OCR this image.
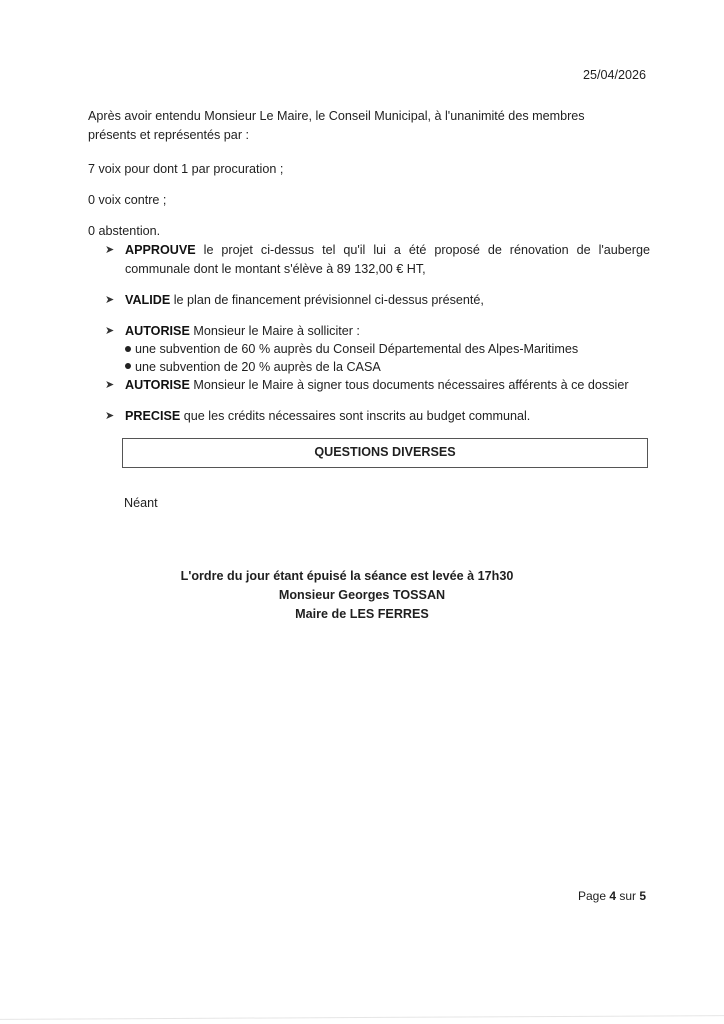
25/04/2026
Après avoir entendu Monsieur Le Maire, le Conseil Municipal, à l'unanimité des membres
présents et représentés par :
7 voix pour dont 1 par procuration ;
0 voix contre ;
0 abstention.
➤ APPROUVE le projet ci-dessus tel qu'il lui a été proposé de rénovation de l'auberge communale dont le montant s'élève à 89 132,00 € HT,
➤ VALIDE le plan de financement prévisionnel ci-dessus présenté,
➤ AUTORISE Monsieur le Maire à solliciter :
une subvention de 60 % auprès du Conseil Départemental des Alpes-Maritimes
une subvention de 20 % auprès de la CASA
➤ AUTORISE Monsieur le Maire à signer tous documents nécessaires afférents à ce dossier
➤ PRECISE que les crédits nécessaires sont inscrits au budget communal.
QUESTIONS DIVERSES
Néant
L'ordre du jour étant épuisé la séance est levée à 17h30
Monsieur Georges TOSSAN
Maire de LES FERRES
Page 4 sur 5
